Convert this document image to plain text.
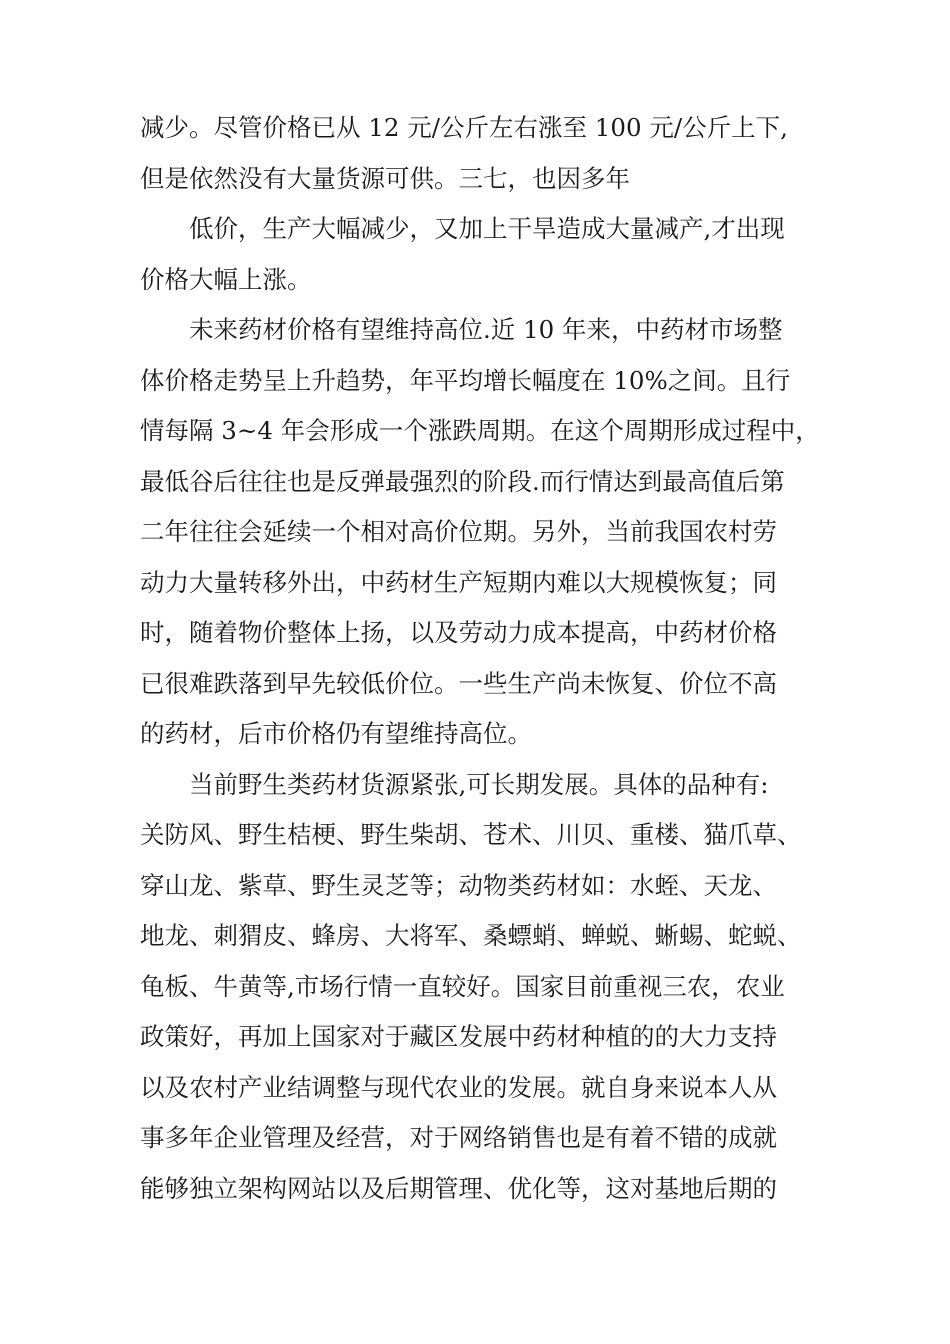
减少。尽管价格已从 12 元/公斤左右涨至 100 元/公斤上下,
但是依然没有大量货源可供。三七，也因多年
低价，生产大幅减少，又加上干旱造成大量减产,才出现
价格大幅上涨。
未来药材价格有望维持高位.近 10 年来，中药材市场整
体价格走势呈上升趋势，年平均增长幅度在 10%之间。且行
情每隔 3~4 年会形成一个涨跌周期。在这个周期形成过程中，
最低谷后往往也是反弹最强烈的阶段.而行情达到最高值后第
二年往往会延续一个相对高价位期。另外，当前我国农村劳
动力大量转移外出，中药材生产短期内难以大规模恢复；同
时，随着物价整体上扬，以及劳动力成本提高，中药材价格
已很难跌落到早先较低价位。一些生产尚未恢复、价位不高
的药材，后市价格仍有望维持高位。
当前野生类药材货源紧张,可长期发展。具体的品种有:
关防风、野生桔梗、野生柴胡、苍术、川贝、重楼、猫爪草、
穿山龙、紫草、野生灵芝等；动物类药材如：水蛭、天龙、
地龙、刺猬皮、蜂房、大将军、桑螵蛸、蝉蜕、蜥蜴、蛇蜕、
龟板、牛黄等,市场行情一直较好。国家目前重视三农，农业
政策好，再加上国家对于藏区发展中药材种植的的大力支持
以及农村产业结调整与现代农业的发展。就自身来说本人从
事多年企业管理及经营，对于网络销售也是有着不错的成就
能够独立架构网站以及后期管理、优化等，这对基地后期的
